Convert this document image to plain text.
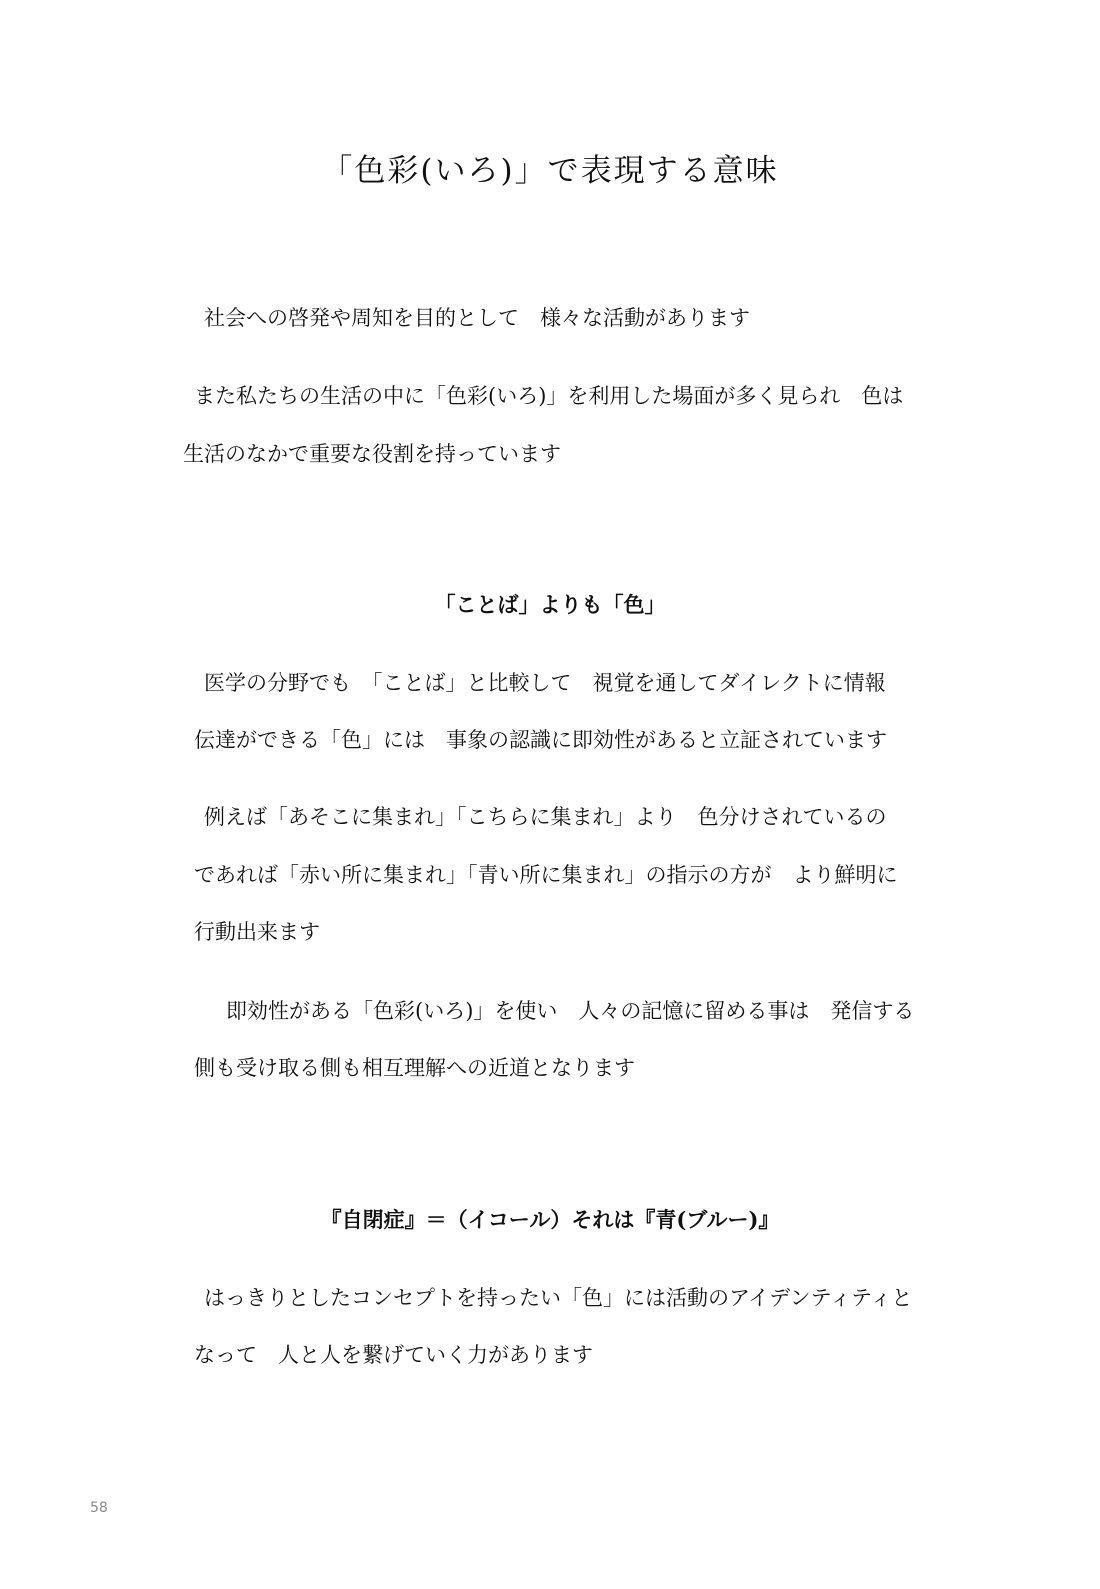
「色彩(いろ)」で表現する意味

社会への啓発や周知を目的として　様々な活動があります

また私たちの生活の中に「色彩(いろ)」を利用した場面が多く見られ　色は

生活のなかで重要な役割を持っています

「ことば」よりも「色」

医学の分野でも　「ことば」と比較して　視覚を通してダイレクトに情報

伝達ができる「色」には　事象の認識に即効性があると立証されています

例えば「あそこに集まれ」「こちらに集まれ」より　色分けされているの

であれば「赤い所に集まれ」「青い所に集まれ」の指示の方が　より鮮明に

行動出来ます

即効性がある「色彩(いろ)」を使い　人々の記憶に留める事は　発信する

側も受け取る側も相互理解への近道となります

『自閉症』＝（イコール）それは『青(ブルー)』

はっきりとしたコンセプトを持ったい「色」には活動のアイデンティティと

なって　人と人を繋げていく力があります

58
